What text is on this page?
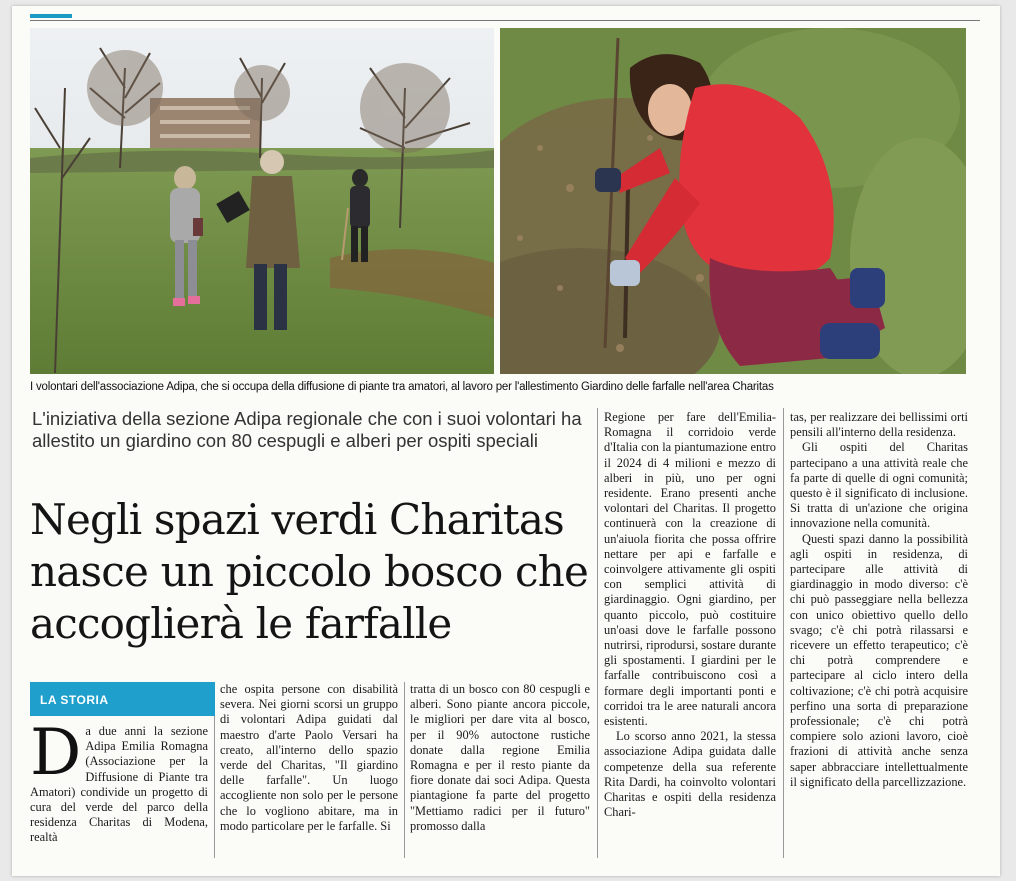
I volontari dell'associazione Adipa, che si occupa della diffusione di piante tra amatori, al lavoro per l'allestimento Giardino delle farfalle nell'area Charitas
L'iniziativa della sezione Adipa regionale che con i suoi volontari ha allestito un giardino con 80 cespugli e alberi per ospiti speciali
Negli spazi verdi Charitas nasce un piccolo bosco che accoglierà le farfalle
LA STORIA

Da due anni la sezione Adipa Emilia Romagna (Associazione per la Diffusione di Piante tra Amatori) condivide un progetto di cura del verde del parco della residenza Charitas di Modena, realtà

che ospita persone con disabilità severa. Nei giorni scorsi un gruppo di volontari Adipa guidati dal maestro d'arte Paolo Versari ha creato, all'interno dello spazio verde del Charitas, "Il giardino delle farfalle". Un luogo accogliente non solo per le persone che lo vogliono abitare, ma in modo particolare per le farfalle. Si

tratta di un bosco con 80 cespugli e alberi. Sono piante ancora piccole, le migliori per dare vita al bosco, per il 90% autoctone rustiche donate dalla regione Emilia Romagna e per il resto piante da fiore donate dai soci Adipa. Questa piantagione fa parte del progetto "Mettiamo radici per il futuro" promosso dalla

Regione per fare dell'Emilia-Romagna il corridoio verde d'Italia con la piantumazione entro il 2024 di 4 milioni e mezzo di alberi in più, uno per ogni residente. Erano presenti anche volontari del Charitas. Il progetto continuerà con la creazione di un'aiuola fiorita che possa offrire nettare per api e farfalle e coinvolgere attivamente gli ospiti con semplici attività di giardinaggio. Ogni giardino, per quanto piccolo, può costituire un'oasi dove le farfalle possono nutrirsi, riprodursi, sostare durante gli spostamenti. I giardini per le farfalle contribuiscono così a formare degli importanti ponti e corridoi tra le aree naturali ancora esistenti.

Lo scorso anno 2021, la stessa associazione Adipa guidata dalle competenze della sua referente Rita Dardi, ha coinvolto volontari Charitas e ospiti della residenza Chari-

tas, per realizzare dei bellissimi orti pensili all'interno della residenza.

Gli ospiti del Charitas partecipano a una attività reale che fa parte di quelle di ogni comunità; questo è il significato di inclusione. Si tratta di un'azione che origina innovazione nella comunità.

Questi spazi danno la possibilità agli ospiti in residenza, di partecipare alle attività di giardinaggio in modo diverso: c'è chi può passeggiare nella bellezza con unico obiettivo quello dello svago; c'è chi potrà rilassarsi e ricevere un effetto terapeutico; c'è chi potrà comprendere e partecipare al ciclo intero della coltivazione; c'è chi potrà acquisire perfino una sorta di preparazione professionale; c'è chi potrà compiere solo azioni lavoro, cioè frazioni di attività anche senza saper abbracciare intellettualmente il significato della parcellizzazione.
